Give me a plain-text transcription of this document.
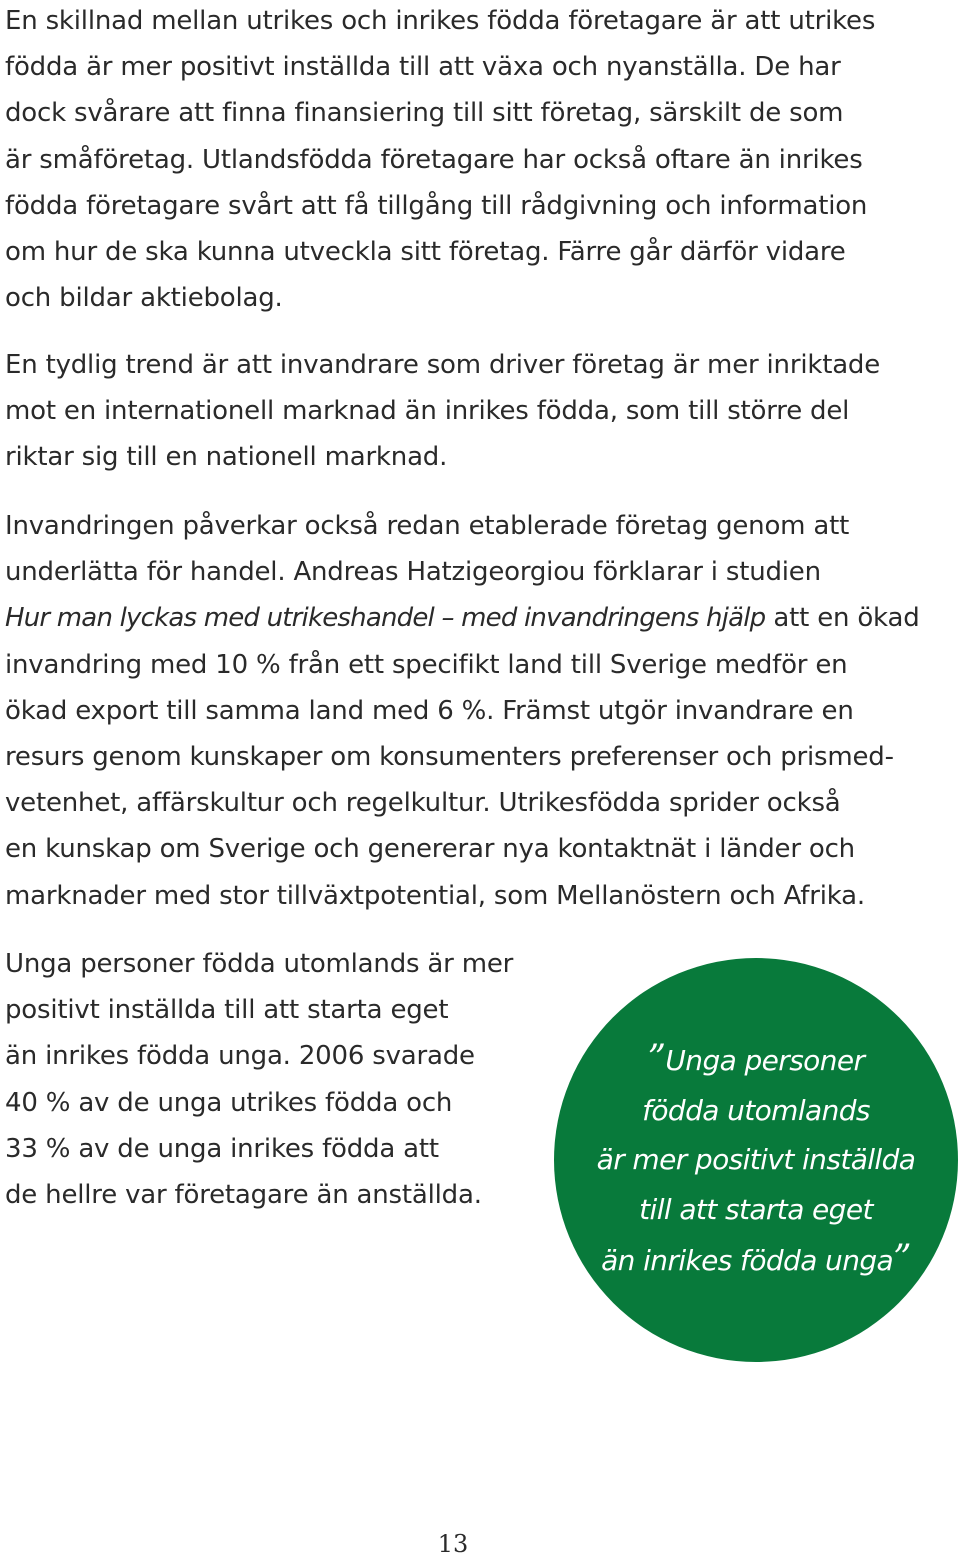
En skillnad mellan utrikes och inrikes födda företagare är att utrikes
födda är mer positivt inställda till att växa och nyanställa. De har
dock svårare att finna finansiering till sitt företag, särskilt de som
är småföretag. Utlandsfödda företagare har också oftare än inrikes
födda företagare svårt att få tillgång till rådgivning och information
om hur de ska kunna utveckla sitt företag. Färre går därför vidare
och bildar aktiebolag.

En tydlig trend är att invandrare som driver företag är mer inriktade
mot en internationell marknad än inrikes födda, som till större del
riktar sig till en nationell marknad.

Invandringen påverkar också redan etablerade företag genom att
underlätta för handel. Andreas Hatzigeorgiou förklarar i studien
Hur man lyckas med utrikeshandel – med invandringens hjälp att en ökad
invandring med 10 % från ett specifikt land till Sverige medför en
ökad export till samma land med 6 %. Främst utgör invandrare en
resurs genom kunskaper om konsumenters preferenser och prismed-
vetenhet, affärskultur och regelkultur. Utrikesfödda sprider också
en kunskap om Sverige och genererar nya kontaktnät i länder och
marknader med stor tillväxtpotential, som Mellanöstern och Afrika.

Unga personer födda utomlands är mer
positivt inställda till att starta eget
än inrikes födda unga. 2006 svarade
40 % av de unga utrikes födda och
33 % av de unga inrikes födda att
de hellre var företagare än anställda.

”Unga personer
födda utomlands
är mer positivt inställda
till att starta eget
än inrikes födda unga”

13
